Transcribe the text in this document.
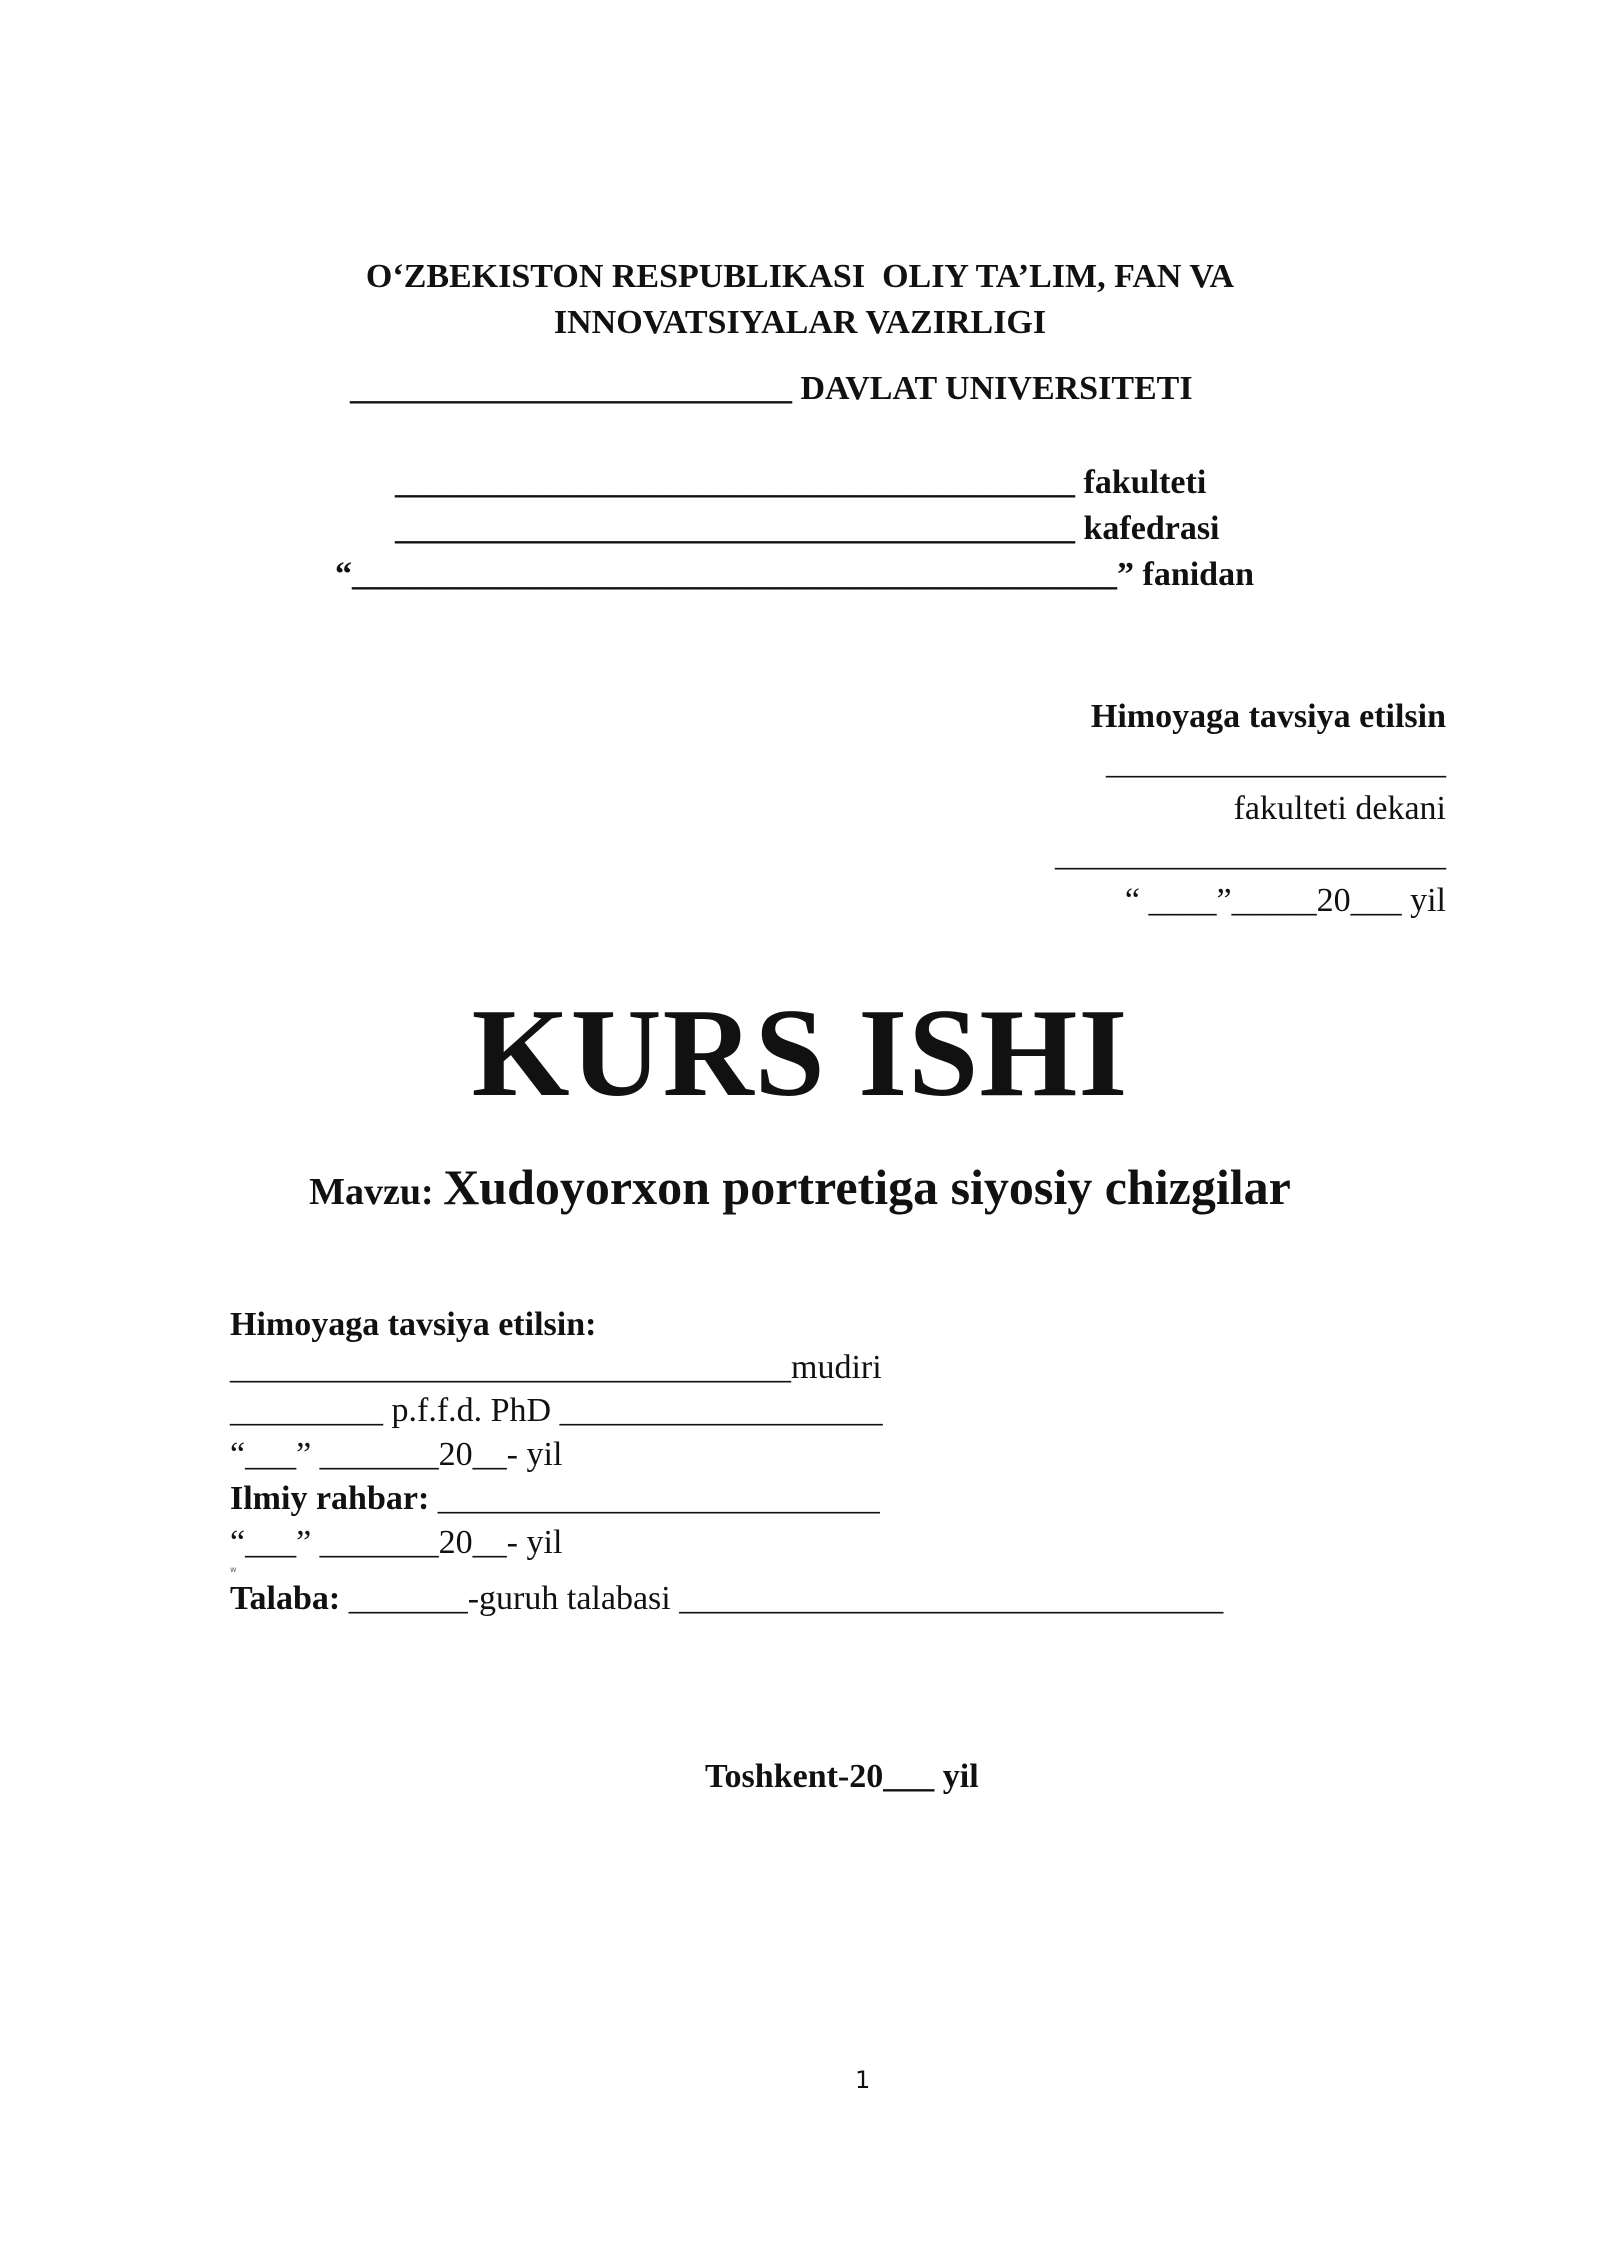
O‘ZBEKISTON RESPUBLIKASI  OLIY TA’LIM, FAN VA
INNOVATSIYALAR VAZIRLIGI
__________________________ DAVLAT UNIVERSITETI
________________________________________ fakulteti
________________________________________ kafedrasi
“_____________________________________________” fanidan
Himoyaga tavsiya etilsin
____________________
fakulteti dekani
_______________________
“ ____”_____20___ yil
KURS ISHI
Mavzu: Xudoyorxon portretiga siyosiy chizgilar
Himoyaga tavsiya etilsin:
_________________________________mudiri
_________ p.f.f.d. PhD ___________________
“___” _______20__- yil
Ilmiy rahbar: __________________________
“___” _______20__- yil
w
Talaba: _______-guruh talabasi ________________________________
Toshkent-20___ yil
1
